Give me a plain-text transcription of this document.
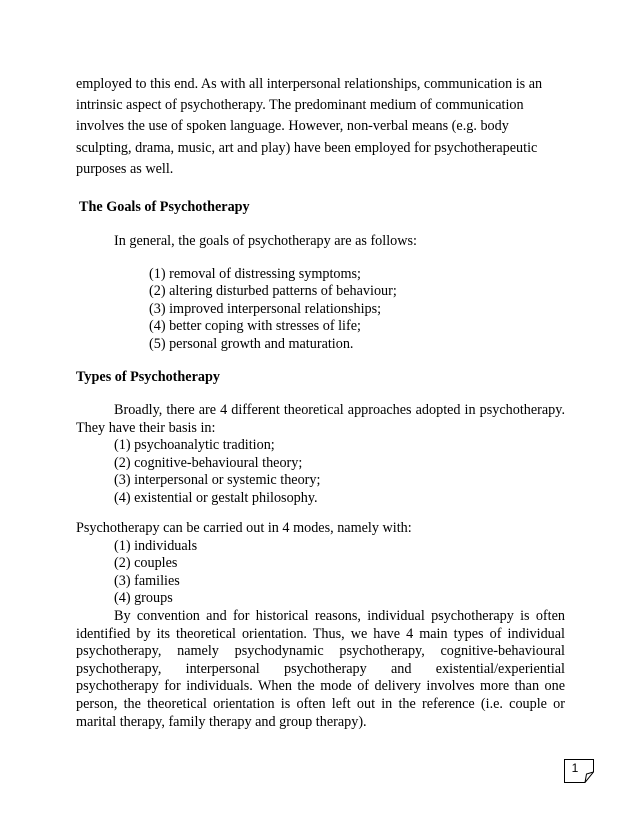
employed to this end. As with all interpersonal relationships, communication is an intrinsic aspect of psychotherapy. The predominant medium of communication involves the use of spoken language. However, non-verbal means (e.g. body sculpting, drama, music, art and play) have been employed for psychotherapeutic purposes as well.
The Goals of Psychotherapy
In general, the goals of psychotherapy are as follows:
(1) removal of distressing symptoms;
(2) altering disturbed patterns of behaviour;
(3) improved interpersonal relationships;
(4) better coping with stresses of life;
(5) personal growth and maturation.
Types of Psychotherapy
Broadly, there are 4 different theoretical approaches adopted in psychotherapy. They have their basis in:
(1) psychoanalytic tradition;
(2) cognitive-behavioural theory;
(3) interpersonal or systemic theory;
(4) existential or gestalt philosophy.
Psychotherapy can be carried out in 4 modes, namely with:
(1) individuals
(2) couples
(3) families
(4) groups
By convention and for historical reasons, individual psychotherapy is often identified by its theoretical orientation. Thus, we have 4 main types of individual psychotherapy, namely psychodynamic psychotherapy, cognitive-behavioural psychotherapy, interpersonal psychotherapy and existential/experiential psychotherapy for individuals. When the mode of delivery involves more than one person, the theoretical orientation is often left out in the reference (i.e. couple or marital therapy, family therapy and group therapy).
1
